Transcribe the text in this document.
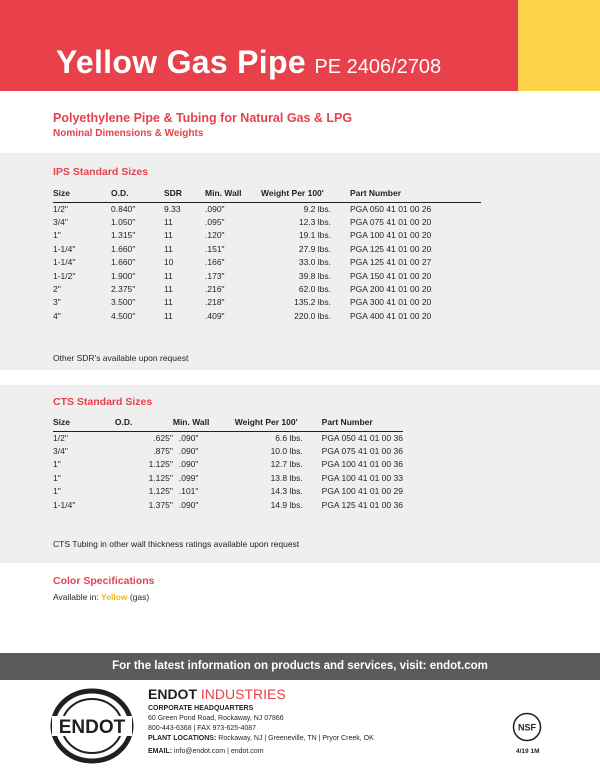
Yellow Gas Pipe PE 2406/2708
Polyethylene Pipe & Tubing for Natural Gas & LPG
Nominal Dimensions & Weights
IPS Standard Sizes
Size	O.D.	SDR	Min. Wall	Weight Per 100'		Part Number
1/2"	0.840"	9.33	.090"	9.2 lbs.		PGA 050 41 01 00 26
3/4"	1.050"	11	.095"	12.3 lbs.		PGA 075 41 01 00 20
1"	1.315"	11	.120"	19.1 lbs.		PGA 100 41 01 00 20
1-1/4"	1.660"	11	.151"	27.9 lbs.		PGA 125 41 01 00 20
1-1/4"	1.660"	10	.166"	33.0 lbs.		PGA 125 41 01 00 27
1-1/2"	1.900"	11	.173"	39.8 lbs.		PGA 150 41 01 00 20
2"	2.375"	11	.216"	62.0 lbs.		PGA 200 41 01 00 20
3"	3.500"	11	.218"	135.2 lbs.		PGA 300 41 01 00 20
4"	4.500"	11	.409"	220.0 lbs.		PGA 400 41 01 00 20
Other SDR's available upon request
CTS Standard Sizes
Size	O.D.	Min. Wall	Weight Per 100'		Part Number
1/2"	.625"	.090"	6.6 lbs.		PGA 050 41 01 00 36
3/4"	.875"	.090"	10.0 lbs.		PGA 075 41 01 00 36
1"	1.125"	.090"	12.7 lbs.		PGA 100 41 01 00 36
1"	1.125"	.099"	13.8 lbs.		PGA 100 41 01 00 33
1"	1.125"	.101"	14.3 lbs.		PGA 100 41 01 00 29
1-1/4"	1.375"	.090"	14.9 lbs.		PGA 125 41 01 00 36
CTS Tubing in other wall thickness ratings available upon request
Color Specifications
Available in: Yellow (gas)
For the latest information on products and services, visit: endot.com
ENDOT
ENDOT INDUSTRIES
CORPORATE HEADQUARTERS
60 Green Pond Road, Rockaway, NJ 07866
800-443-6368 | FAX 973-625-4087
PLANT LOCATIONS: Rockaway, NJ | Greeneville, TN | Pryor Creek, OK
EMAIL: info@endot.com | endot.com
NSF
4/19 1M
